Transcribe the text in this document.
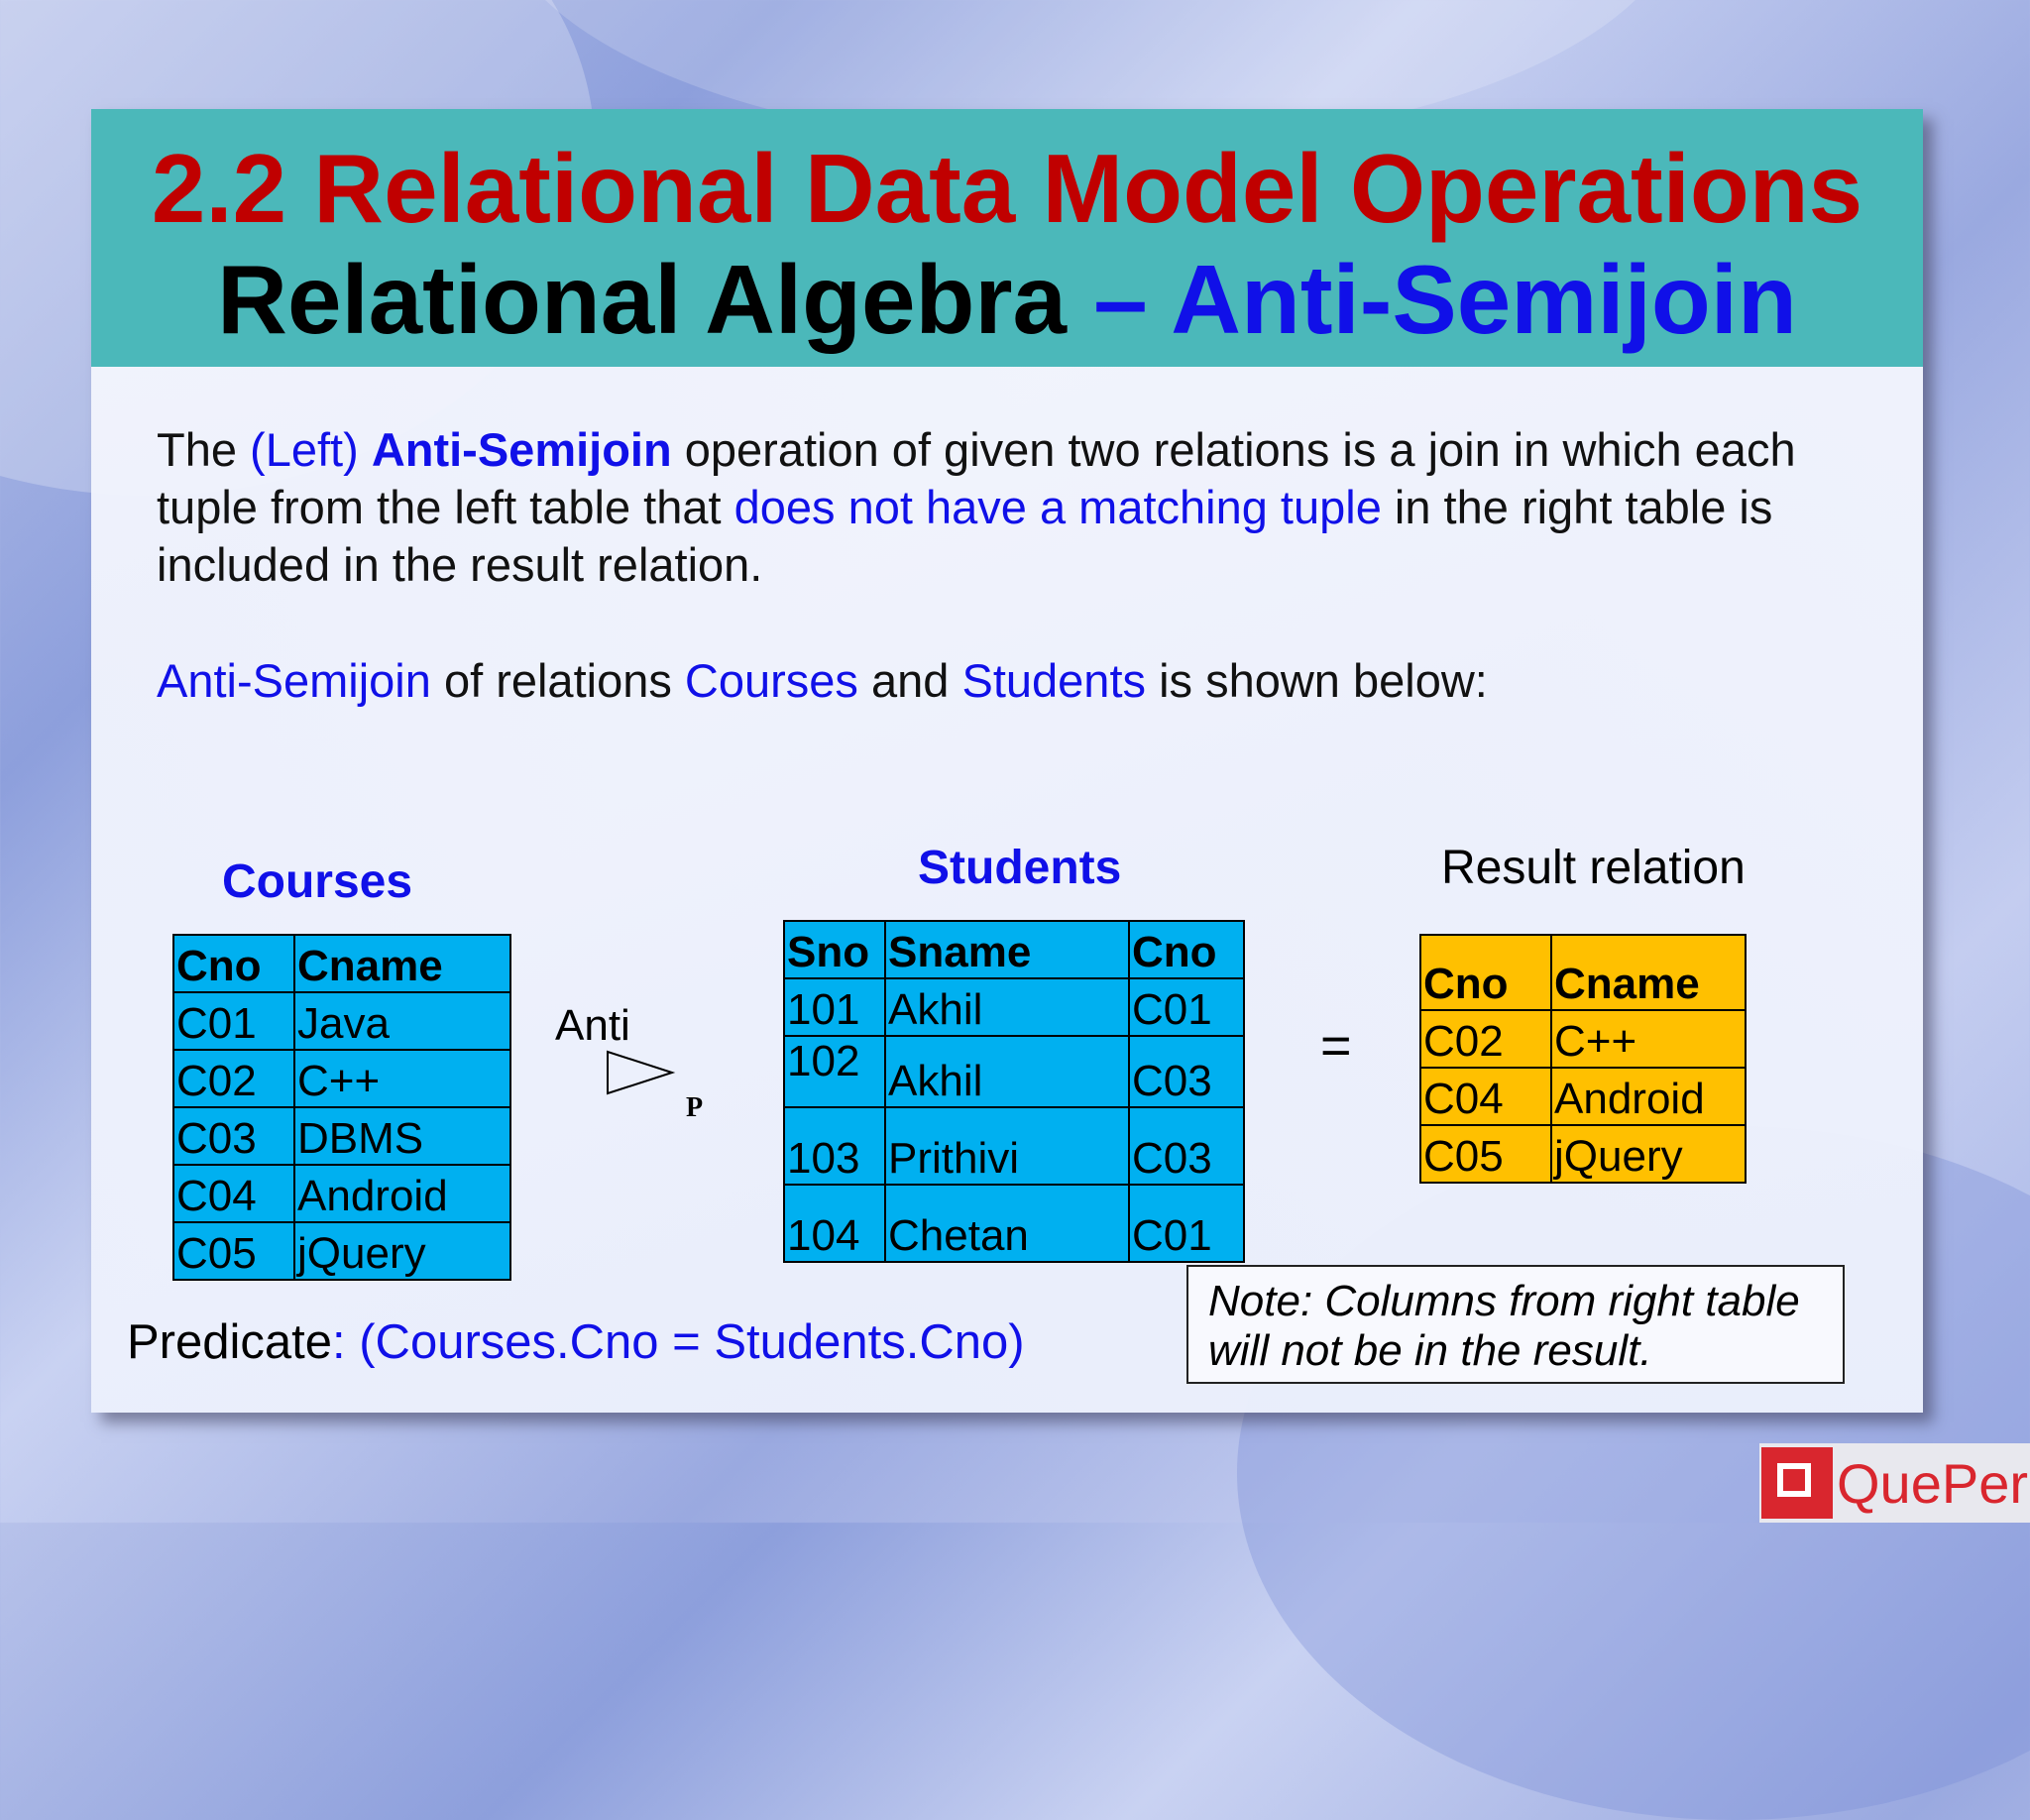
2.2 Relational Data Model Operations
Relational Algebra – Anti-Semijoin
The (Left) Anti-Semijoin operation of given two relations is a join in which each tuple from the left table that does not have a matching tuple in the right table is included in the result relation.
Anti-Semijoin of relations Courses and Students is shown below:
Courses
Cno	Cname
C01	Java
C02	C++
C03	DBMS
C04	Android
C05	jQuery
Anti
P
Students
Sno	Sname	Cno
101	Akhil	C01
102	Akhil	C03
103	Prithivi	C03
104	Chetan	C01
=
Result relation
Cno	Cname
C02	C++
C04	Android
C05	jQuery
Predicate: (Courses.Cno = Students.Cno)
Note: Columns from right table will not be in the result.
QuePer
